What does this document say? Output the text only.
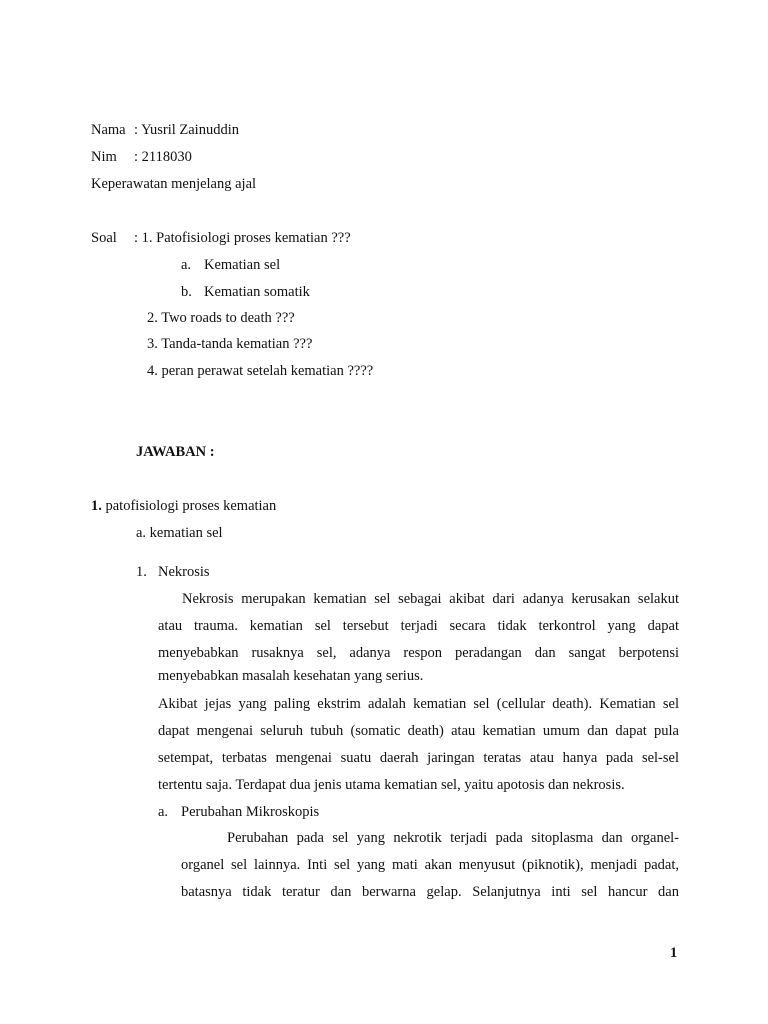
Nama : Yusril Zainuddin
Nim : 2118030
Keperawatan menjelang ajal
Soal : 1. Patofisiologi proses kematian ???
a. Kematian sel
b. Kematian somatik
2. Two roads to death ???
3. Tanda-tanda kematian ???
4. peran perawat setelah kematian ????
JAWABAN :
1. patofisiologi proses kematian
a. kematian sel
1. Nekrosis
Nekrosis merupakan kematian sel sebagai akibat dari adanya kerusakan selakut
atau trauma. kematian sel tersebut terjadi secara tidak terkontrol yang dapat
menyebabkan rusaknya sel, adanya respon peradangan dan sangat berpotensi
menyebabkan masalah kesehatan yang serius.
Akibat jejas yang paling ekstrim adalah kematian sel (cellular death). Kematian sel
dapat mengenai seluruh tubuh (somatic death) atau kematian umum dan dapat pula
setempat, terbatas mengenai suatu daerah jaringan teratas atau hanya pada sel-sel
tertentu saja. Terdapat dua jenis utama kematian sel, yaitu apotosis dan nekrosis.
a. Perubahan Mikroskopis
Perubahan pada sel yang nekrotik terjadi pada sitoplasma dan organel-
organel sel lainnya. Inti sel yang mati akan menyusut (piknotik), menjadi padat,
batasnya tidak teratur dan berwarna gelap. Selanjutnya inti sel hancur dan
1
